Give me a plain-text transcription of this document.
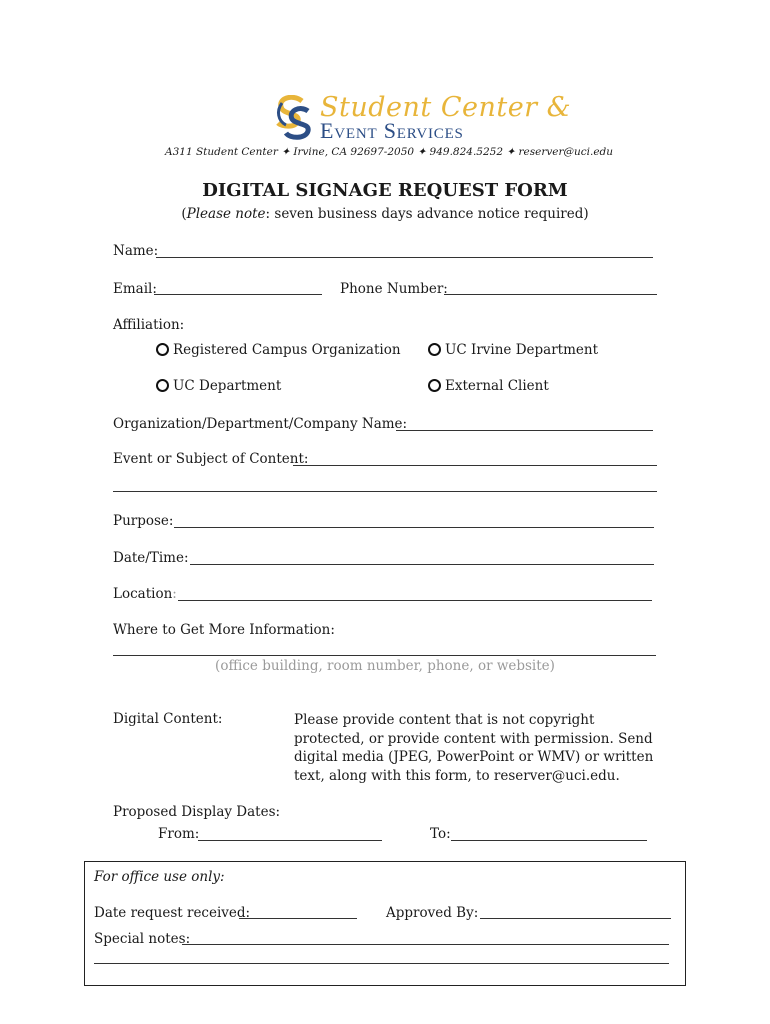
Student Center &
Event Services
A311 Student Center ✦ Irvine, CA 92697-2050 ✦ 949.824.5252 ✦ reserver@uci.edu
DIGITAL SIGNAGE REQUEST FORM
(Please note: seven business days advance notice required)
Name:
Email:	Phone Number:
Affiliation:
Registered Campus Organization	UC Irvine Department
UC Department	External Client
Organization/Department/Company Name:
Event or Subject of Content:
Purpose:
Date/Time:
Location:
Where to Get More Information:
(office building, room number, phone, or website)
Digital Content:	Please provide content that is not copyright protected, or provide content with permission. Send digital media (JPEG, PowerPoint or WMV) or written text, along with this form, to reserver@uci.edu.
Proposed Display Dates:
From:	To:
For office use only:
Date request received:	Approved By:
Special notes:
